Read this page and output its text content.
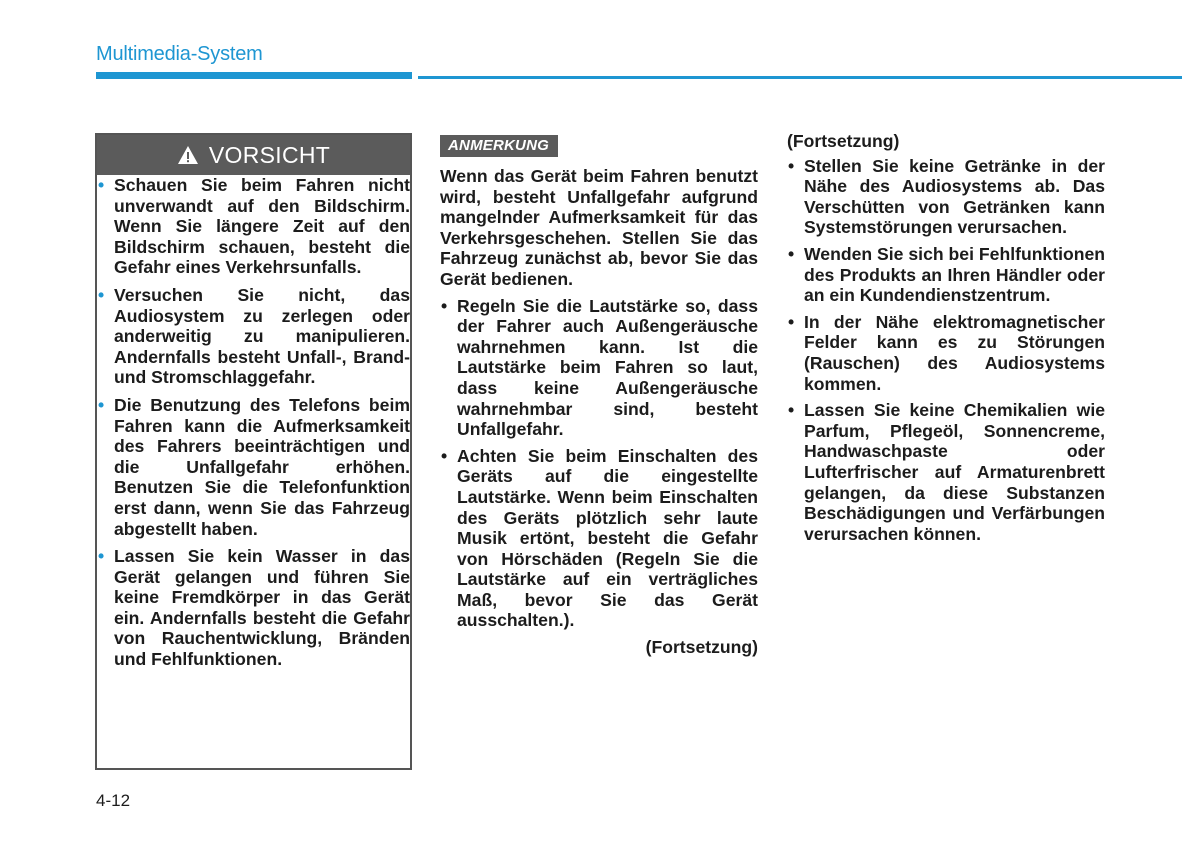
Multimedia-System
VORSICHT
• Schauen Sie beim Fahren nicht unverwandt auf den Bildschirm. Wenn Sie längere Zeit auf den Bildschirm schauen, besteht die Gefahr eines Verkehrsunfalls.
• Versuchen Sie nicht, das Audiosystem zu zerlegen oder anderweitig zu manipulieren. Andernfalls besteht Unfall-, Brand- und Stromschlaggefahr.
• Die Benutzung des Telefons beim Fahren kann die Aufmerksamkeit des Fahrers beeinträchtigen und die Unfallgefahr erhöhen. Benutzen Sie die Telefonfunktion erst dann, wenn Sie das Fahrzeug abgestellt haben.
• Lassen Sie kein Wasser in das Gerät gelangen und führen Sie keine Fremdkörper in das Gerät ein. Andernfalls besteht die Gefahr von Rauchentwicklung, Bränden und Fehlfunktionen.
ANMERKUNG

Wenn das Gerät beim Fahren benutzt wird, besteht Unfallgefahr aufgrund mangelnder Aufmerksamkeit für das Verkehrsgeschehen. Stellen Sie das Fahrzeug zunächst ab, bevor Sie das Gerät bedienen.

• Regeln Sie die Lautstärke so, dass der Fahrer auch Außengeräusche wahrnehmen kann. Ist die Lautstärke beim Fahren so laut, dass keine Außengeräusche wahrnehmbar sind, besteht Unfallgefahr.
• Achten Sie beim Einschalten des Geräts auf die eingestellte Lautstärke. Wenn beim Einschalten des Geräts plötzlich sehr laute Musik ertönt, besteht die Gefahr von Hörschäden (Regeln Sie die Lautstärke auf ein verträgliches Maß, bevor Sie das Gerät ausschalten.).
(Fortsetzung)

(Fortsetzung)

• Stellen Sie keine Getränke in der Nähe des Audiosystems ab. Das Verschütten von Getränken kann Systemstörungen verursachen.
• Wenden Sie sich bei Fehlfunktionen des Produkts an Ihren Händler oder an ein Kundendienstzentrum.
• In der Nähe elektromagnetischer Felder kann es zu Störungen (Rauschen) des Audiosystems kommen.
• Lassen Sie keine Chemikalien wie Parfum, Pflegeöl, Sonnencreme, Handwaschpaste oder Lufterfrischer auf Armaturenbrett gelangen, da diese Substanzen Beschädigungen und Verfärbungen verursachen können.
4-12
